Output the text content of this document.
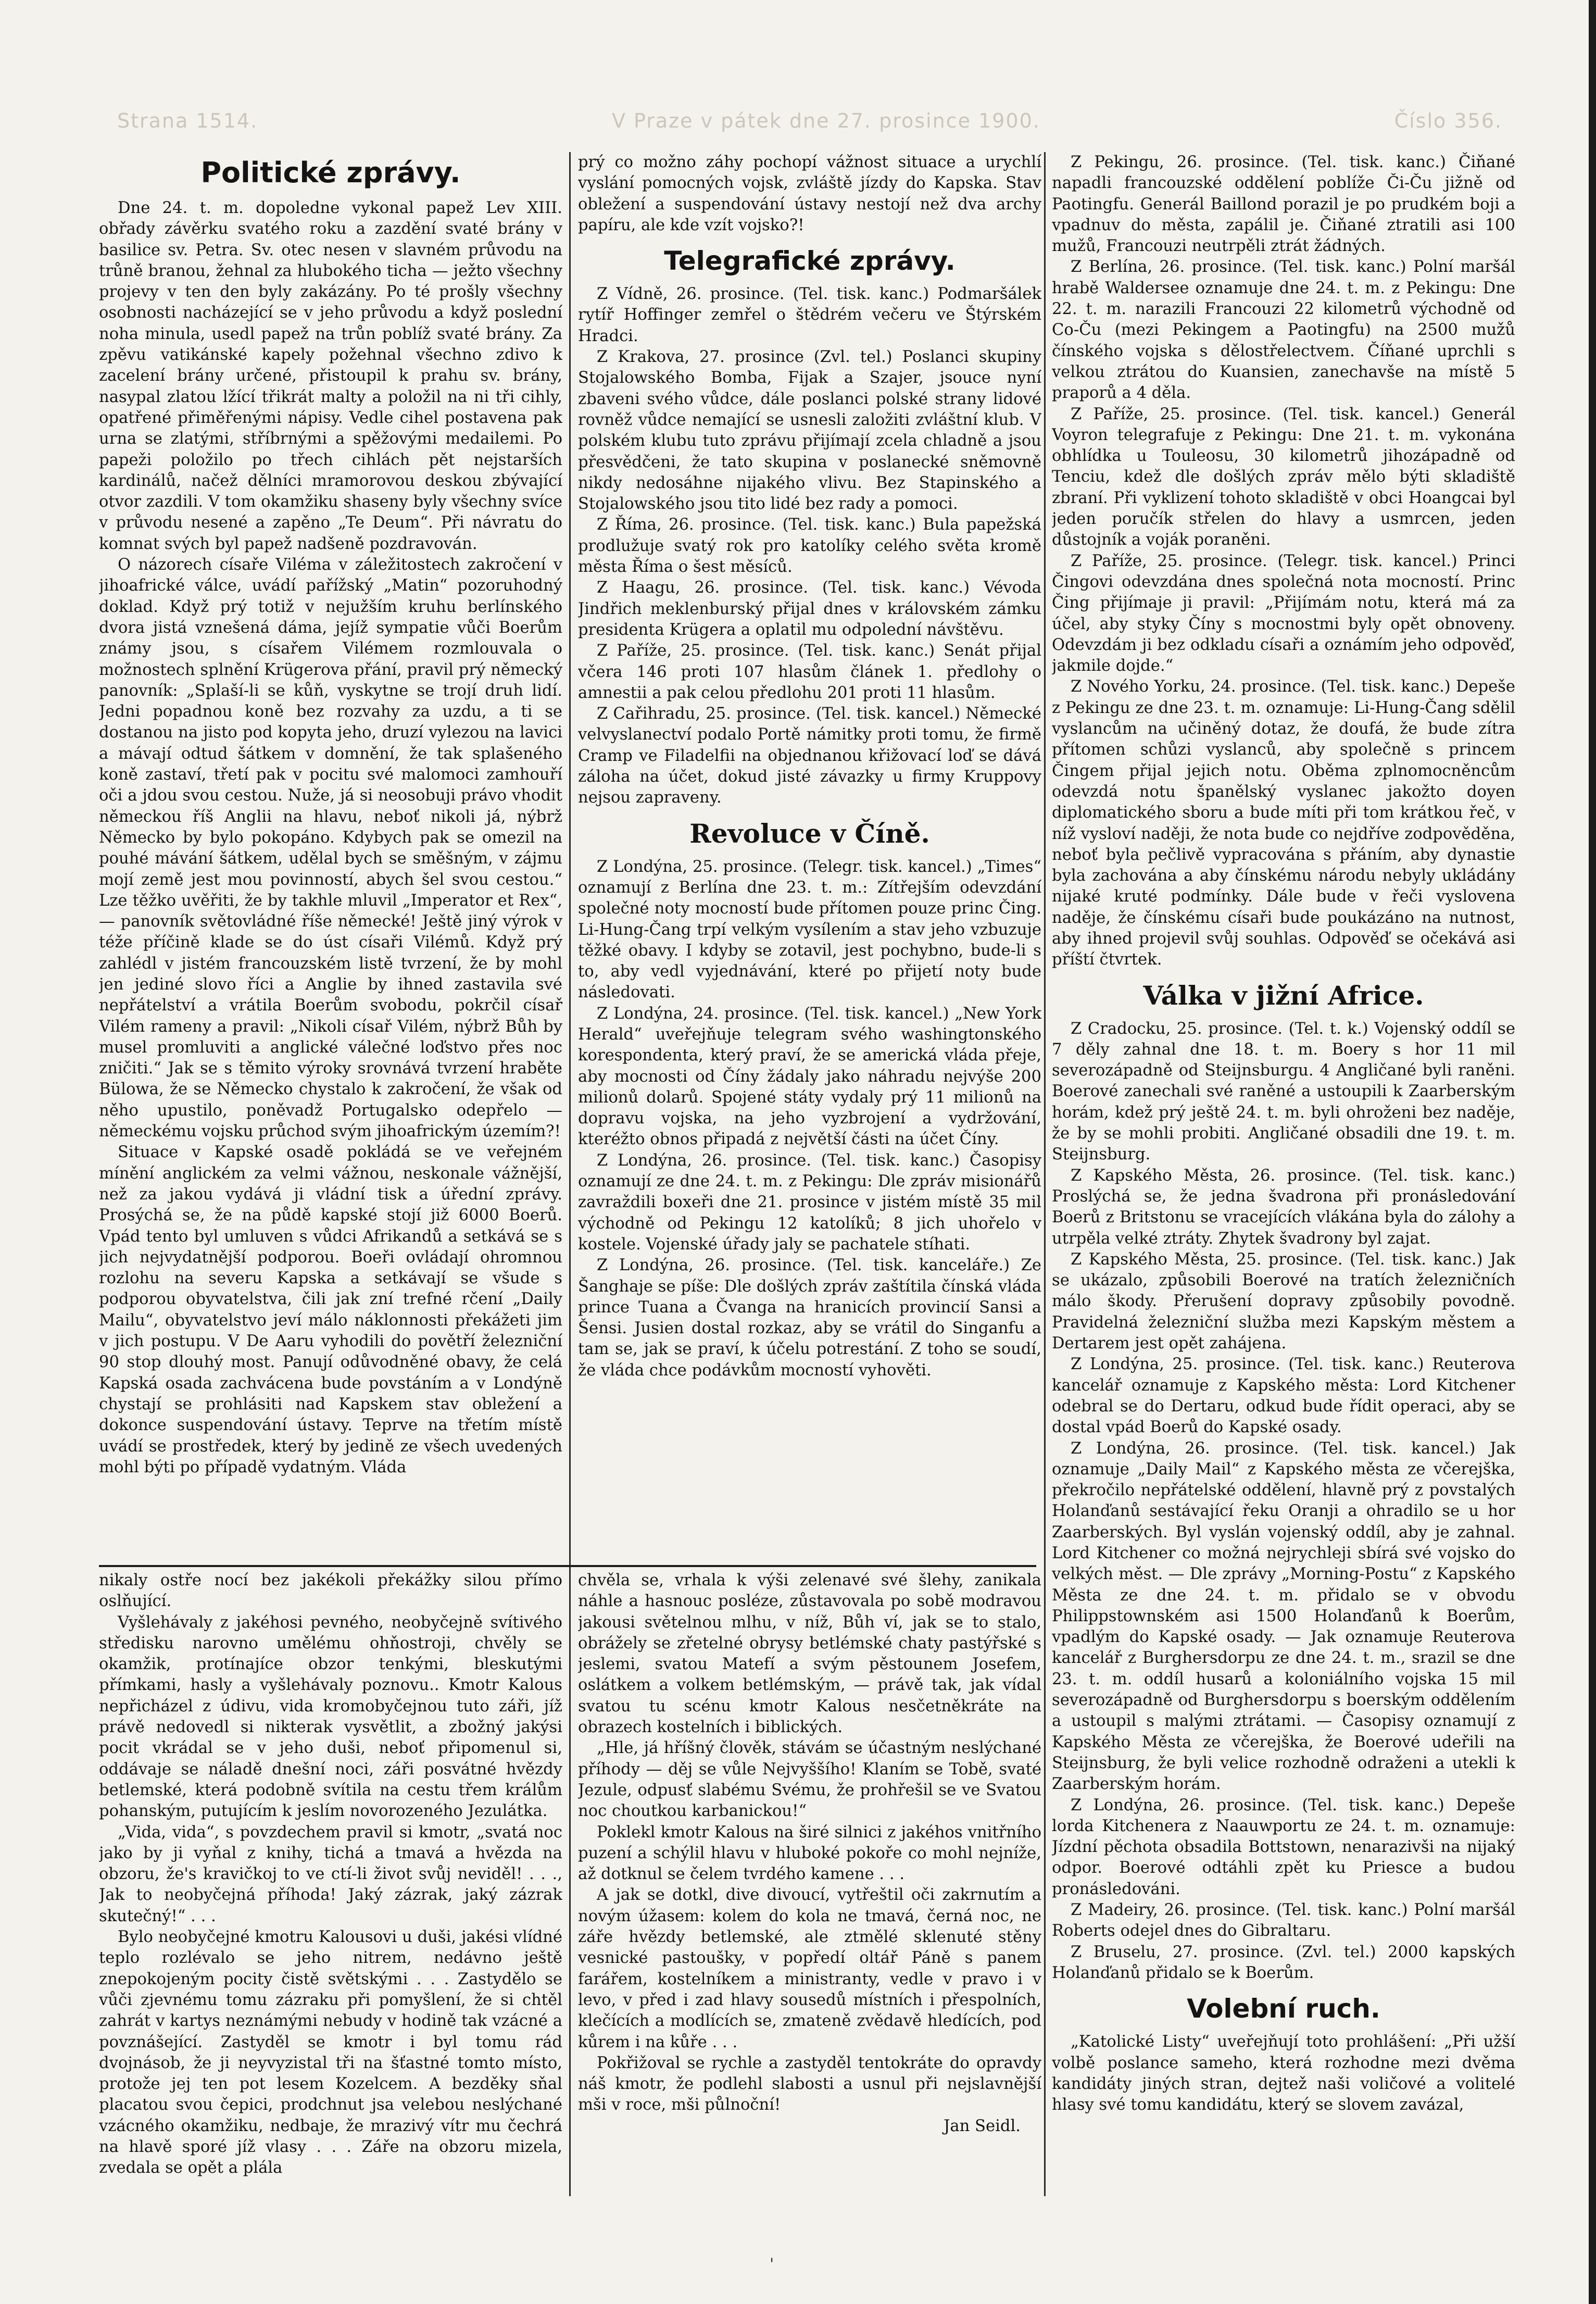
Strana 1514.	V Praze v pátek dne 27. prosince 1900.	Číslo 356.
Politické zprávy.

Dne 24. t. m. dopolednе vykonal papež Lev XIII. obřady závěrku svatého roku a zazdění svaté brány v basilice sv. Petra. Sv. otec nesen v slavném průvodu na trůně branou, žehnal za hlubokého ticha — ježto všechny projevy v ten den byly zakázány. Po té prošly všechny osobnosti nacházející se v jeho průvodu a když poslední noha minula, usedl papež na trůn poblíž svaté brány. Za zpěvu vatikánské kapely požehnal všechno zdivo k zacelení brány určené, přistoupil k prahu sv. brány, nasypal zlatou lžící třikrát malty a položil na ni tři cihly, opatřené přiměřenými nápisy. Vedle cihel postavena pak urna se zlatými, stříbrnými a spěžovými medailemi. Po papeži položilo po třech cihlách pět nejstarších kardinálů, načež dělníci mramorovou deskou zbývající otvor zazdili. V tom okamžiku shaseny byly všechny svíce v průvodu nesené a zapěno „Te Deum“. Při návratu do komnat svých byl papež nadšeně pozdravován.

O názorech císaře Viléma v záležitostech zakročení v jihoafrické válce, uvádí pařížský „Matin“ pozoruhodný doklad. Když prý totiž v nejužším kruhu berlínského dvora jistá vznešená dáma, jejíž sympatie vůči Boerům známy jsou, s císařem Vilémem rozmlouvala o možnostech splnění Krügerova přání, pravil prý německý panovník: „Splaší-li se kůň, vyskytne se trojí druh lidí. Jedni popadnou koně bez rozvahy za uzdu, a ti se dostanou na jisto pod kopyta jeho, druzí vylezou na lavici a mávají odtud šátkem v domnění, že tak splašeného koně zastaví, třetí pak v pocitu své malomoci zamhouří oči a jdou svou cestou. Nuže, já si neosobuji právo vhodit německou říš Anglii na hlavu, neboť nikoli já, nýbrž Německo by bylo pokopáno. Kdybych pak se omezil na pouhé mávání šátkem, udělal bych se směšným, v zájmu mojí země jest mou povinností, abych šel svou cestou.“ Lze těžko uvěřiti, že by takhle mluvil „Imperator et Rex“, — panovník světovládné říše německé! Ještě jiný výrok v téže příčině klade se do úst císaři Vilémů. Když prý zahlédl v jistém francouzském listě tvrzení, že by mohl jen jediné slovo říci a Anglie by ihned zastavila své nepřátelství a vrátila Boerům svobodu, pokrčil císař Vilém rameny a pravil: „Nikoli císař Vilém, nýbrž Bůh by musel promluviti a anglické válečné loďstvo přes noc zničiti.“ Jak se s těmito výroky srovnává tvrzení hraběte Bülowa, že se Německo chystalo k zakročení, že však od něho upustilo, poněvadž Portugalsko odepřelo — německému vojsku průchod svým jihoafrickým územím?!

Situace v Kapské osadě pokládá se ve veřejném mínění anglickém za velmi vážnou, neskonale vážnější, než za jakou vydává ji vládní tisk a úřední zprávy. Prosýchá se, že na půdě kapské stojí již 6000 Boerů. Vpád tento byl umluven s vůdci Afrikandů a setkává se s jich nejvydatnější podporou. Boeři ovládají ohromnou rozlohu na severu Kapska a setkávají se všude s podporou obyvatelstva, čili jak zní trefné rčení „Daily Mailu“, obyvatelstvo jeví málo náklonnosti překážeti jim v jich postupu. V De Aaru vyhodili do povětří železniční 90 stop dlouhý most. Panují odůvodněné obavy, že celá Kapská osada zachvácena bude povstáním a v Londýně chystají se prohlásiti nad Kapskem stav obležení a dokonce suspendování ústavy. Teprve na třetím místě uvádí se prostředek, který by jedině ze všech uvedených mohl býti po případě vydatným. Vláda

prý co možno záhy pochopí vážnost situace a urychlí vyslání pomocných vojsk, zvláště jízdy do Kapska. Stav obležení a suspendování ústavy nestojí než dva archy papíru, ale kde vzít vojsko?!

Telegrafické zprávy.

Z Vídně, 26. prosince. (Tel. tisk. kanc.) Podmaršálek rytíř Hoffinger zemřel o štědrém večeru ve Štýrském Hradci.

Z Krakova, 27. prosince (Zvl. tel.) Poslanci skupiny Stojalowského Bomba, Fijak a Szajer, jsouce nyní zbaveni svého vůdce, dále poslanci polské strany lidové rovněž vůdce nemající se usnesli založiti zvláštní klub. V polském klubu tuto zprávu přijímají zcela chladně a jsou přesvědčeni, že tato skupina v poslanecké sněmovně nikdy nedosáhne nijakého vlivu. Bez Stapinského a Stojalowského jsou tito lidé bez rady a pomoci.

Z Říma, 26. prosince. (Tel. tisk. kanc.) Bula papežská prodlužuje svatý rok pro katolíky celého světa kromě města Říma o šest měsíců.

Z Haagu, 26. prosince. (Tel. tisk. kanc.) Vévoda Jindřich meklenburský přijal dnes v královském zámku presidenta Krügera a oplatil mu odpolední návštěvu.

Z Paříže, 25. prosince. (Tel. tisk. kanc.) Senát přijal včera 146 proti 107 hlasům článek 1. předlohy o amnestii a pak celou předlohu 201 proti 11 hlasům.

Z Cařihradu, 25. prosince. (Tel. tisk. kancel.) Německé velvyslanectví podalo Portě námitky proti tomu, že firmě Cramp ve Filadelfii na objednanou křižovací loď se dává záloha na účet, dokud jisté závazky u firmy Kruppovy nejsou zapraveny.

Revoluce v Číně.

Z Londýna, 25. prosince. (Telegr. tisk. kancel.) „Times“ oznamují z Berlína dne 23. t. m.: Zítřejším odevzdání společné noty mocností bude přítomen pouze princ Čing. Li-Hung-Čang trpí velkým vysílením a stav jeho vzbuzuje těžké obavy. I kdyby se zotavil, jest pochybno, bude-li s to, aby vedl vyjednávání, které po přijetí noty bude následovati.

Z Londýna, 24. prosince. (Tel. tisk. kancel.) „New York Herald“ uveřejňuje telegram svého washingtonského korespondenta, který praví, že se americká vláda přeje, aby mocnosti od Číny žádaly jako náhradu nejvýše 200 milionů dolarů. Spojené státy vydaly prý 11 milionů na dopravu vojska, na jeho vyzbrojení a vydržování, kteréžto obnos připadá z největší části na účet Číny.

Z Londýna, 26. prosince. (Tel. tisk. kanc.) Časopisy oznamují ze dne 24. t. m. z Pekingu: Dle zpráv misionářů zavraždili boxeři dne 21. prosince v jistém místě 35 mil východně od Pekingu 12 katolíků; 8 jich uhořelo v kostele. Vojenské úřady jaly se pachatele stíhati.

Z Londýna, 26. prosince. (Tel. tisk. kanceláře.) Ze Šanghaje se píše: Dle došlých zpráv zaštítila čínská vláda prince Tuana a Čvanga na hranicích provincií Sansi a Šensi. Jusien dostal rozkaz, aby se vrátil do Singanfu a tam se, jak se praví, k účelu potrestání. Z toho se soudí, že vláda chce podávkům mocností vyhověti.

Z Pekingu, 26. prosince. (Tel. tisk. kanc.) Čiňané napadli francouzské oddělení poblíže Či-Ču jižně od Paotingfu. Generál Baillond porazil je po prudkém boji a vpadnuv do města, zapálil je. Čiňané ztratili asi 100 mužů, Francouzi neutrpěli ztrát žádných.

Z Berlína, 26. prosince. (Tel. tisk. kanc.) Polní maršál hrabě Waldersee oznamuje dne 24. t. m. z Pekingu: Dne 22. t. m. narazili Francouzi 22 kilometrů východně od Co-Ču (mezi Pekingem a Paotingfu) na 2500 mužů čínského vojska s dělostřelectvem. Číňané uprchli s velkou ztrátou do Kuansien, zanechavše na místě 5 praporů a 4 děla.

Z Paříže, 25. prosince. (Tel. tisk. kancel.) Generál Voyron telegrafuje z Pekingu: Dne 21. t. m. vykonána obhlídka u Touleosu, 30 kilometrů jihozápadně od Tenciu, kdež dle došlých zpráv mělo býti skladiště zbraní. Při vyklizení tohoto skladiště v obci Hoangcai byl jeden poručík střelen do hlavy a usmrcen, jeden důstojník a voják poraněni.

Z Paříže, 25. prosince. (Telegr. tisk. kancel.) Princi Čingovi odevzdána dnes společná nota mocností. Princ Čing přijímaje ji pravil: „Přijímám notu, která má za účel, aby styky Číny s mocnostmi byly opět obnoveny. Odevzdám ji bez odkladu císaři a oznámím jeho odpověď, jakmile dojde.“

Z Nového Yorku, 24. prosince. (Tel. tisk. kanc.) Depeše z Pekingu ze dne 23. t. m. oznamuje: Li-Hung-Čang sdělil vyslancům na učiněný dotaz, že doufá, že bude zítra přítomen schůzi vyslanců, aby společně s princem Čingem přijal jejich notu. Oběma zplnomocněncům odevzdá notu španělský vyslanec jakožto doyen diplomatického sboru a bude míti při tom krátkou řeč, v níž vysloví naději, že nota bude co nejdříve zodpověděna, neboť byla pečlivě vypracována s přáním, aby dynastie byla zachována a aby čínskému národu nebyly ukládány nijaké kruté podmínky. Dále bude v řeči vyslovena naděje, že čínskému císaři bude poukázáno na nutnost, aby ihned projevil svůj souhlas. Odpověď se očekává asi příští čtvrtek.

Válka v jižní Africe.

Z Cradocku, 25. prosince. (Tel. t. k.) Vojenský oddíl se 7 děly zahnal dne 18. t. m. Boery s hor 11 mil severozápadně od Steijnsburgu. 4 Angličané byli raněni. Boerové zanechali své raněné a ustoupili k Zaarberským horám, kdež prý ještě 24. t. m. byli ohroženi bez naděje, že by se mohli probiti. Angličané obsadili dne 19. t. m. Steijnsburg.

Z Kapského Města, 26. prosince. (Tel. tisk. kanc.) Proslýchá se, že jedna švadrona při pronásledování Boerů z Britstonu se vracejících vlákána byla do zálohy a utrpěla velké ztráty. Zhytek švadrony byl zajat.

Z Kapského Města, 25. prosince. (Tel. tisk. kanc.) Jak se ukázalo, způsobili Boerové na tratích železničních málo škody. Přerušení dopravy způsobily povodně. Pravidelná železniční služba mezi Kapským městem a Dertarem jest opět zahájena.

Z Londýna, 25. prosince. (Tel. tisk. kanc.) Reuterova kancelář oznamuje z Kapského města: Lord Kitchener odebral se do Dertaru, odkud bude řídit operaci, aby se dostal vpád Boerů do Kapské osady.

Z Londýna, 26. prosince. (Tel. tisk. kancel.) Jak oznamuje „Daily Mail“ z Kapského města ze včerejška, překročilo nepřátelské oddělení, hlavně prý z povstalých Holanďanů sestávající řeku Oranji a ohradilo se u hor Zaarberských. Byl vyslán vojenský oddíl, aby je zahnal. Lord Kitchener co možná nejrychleji sbírá své vojsko do velkých měst. — Dle zprávy „Morning-Postu“ z Kapského Města ze dne 24. t. m. přidalo se v obvodu Philippstownském asi 1500 Holanďanů k Boerům, vpadlým do Kapské osady. — Jak oznamuje Reuterova kancelář z Burghersdorpu ze dne 24. t. m., srazil se dne 23. t. m. oddíl husarů a koloniálního vojska 15 mil severozápadně od Burghersdorpu s boerským oddělením a ustoupil s malými ztrátami. — Časopisy oznamují z Kapského Města ze včerejška, že Boerové udeřili na Steijnsburg, že byli velice rozhodně odraženi a utekli k Zaarberským horám.

Z Londýna, 26. prosince. (Tel. tisk. kanc.) Depeše lorda Kitchenera z Naauwportu ze 24. t. m. oznamuje: Jízdní pěchota obsadila Bottstown, nenarazivši na nijaký odpor. Boerové odtáhli zpět ku Priesce a budou pronásledováni.

Z Madeiry, 26. prosince. (Tel. tisk. kanc.) Polní maršál Roberts odejel dnes do Gibraltaru.

Z Bruselu, 27. prosince. (Zvl. tel.) 2000 kapských Holanďanů přidalo se k Boerům.

Volební ruch.

„Katolické Listy“ uveřejňují toto prohlášení: „Při užší volbě poslance sameho, která rozhodne mezi dvěma kandidáty jiných stran, dejtež naši voličové a volitelé hlasy své tomu kandidátu, který se slovem zavázal,

nikaly ostře nocí bez jakékoli překážky silou přímo oslňující.

Vyšlehávaly z jakéhosi pevného, neobyčejně svítivého středisku narovno umělému ohňostroji, chvěly se okamžik, protínajíce obzor tenkými, bleskutými přímkami, hasly a vyšlehávaly poznovu.. Kmotr Kalous nepřicházel z údivu, vida kromobyčejnou tuto záři, jíž právě nedovedl si nikterak vysvětlit, a zbožný jakýsi pocit vkrádal se v jeho duši, neboť připomenul si, oddávaje se náladě dnešní noci, záři posvátné hvězdy betlemské, která podobně svítila na cestu třem králům pohanským, putujícím k jeslím novorozeného Jezulátka.

„Vida, vida“, s povzdechem pravil si kmotr, „svatá noc jako by ji vyňal z knihy, tichá a tmavá a hvězda na obzoru, že's kravičkoj to ve ctí-li život svůj neviděl! . . ., Jak to neobyčejná příhoda! Jaký zázrak, jaký zázrak skutečný!“ . . .

Bylo neobyčejné kmotru Kalousovi u duši, jakési vlídné teplo rozlévalo se jeho nitrem, nedávno ještě znepokojeným pocity čistě světskými . . . Zastydělo se vůči zjevnému tomu zázraku při pomyšlení, že si chtěl zahrát v kartys neznámými nebudy v hodině tak vzácné a povznášející. Zastyděl se kmotr i byl tomu rád dvojnásob, že ji neyvyzistal tři na šťastné tomto místo, protože jej ten pot lesem Kozelcem. A bezděky sňal placatou svou čepici, prodchnut jsa velebou neslýchané vzácného okamžiku, nedbaje, že mrazivý vítr mu čechrá na hlavě sporé jíž vlasy . . . Záře na obzoru mizela, zvedala se opět a plála

chvěla se, vrhala k výši zelenavé své šlehy, zanikala náhle a hasnouc posléze, zůstavovala po sobě modravou jakousi světelnou mlhu, v níž, Bůh ví, jak se to stalo, obrážely se zřetelné obrysy betlémské chaty pastýřské s jeslemi, svatou Matefí a svým pěstounem Josefem, oslátkem a volkem betlémským, — právě tak, jak vídal svatou tu scénu kmotr Kalous nesčetněkráte na obrazech kostelních i biblických.

„Hle, já hříšný člověk, stávám se účastným neslýchané příhody — děj se vůle Nejvyššího! Klaním se Tobě, svaté Jezule, odpusť slabému Svému, že prohřešil se ve Svatou noc choutkou karbanickou!“

Poklekl kmotr Kalous na širé silnici z jakéhos vnitřního puzení a schýlil hlavu v hluboké pokoře co mohl nejníže, až dotknul se čelem tvrdého kamene . . .

A jak se dotkl, dive divoucí, vytřeštil oči zakrnutím a novým úžasem: kolem do kola ne tmavá, černá noc, ne záře hvězdy betlemské, ale ztmělé sklenuté stěny vesnické pastoušky, v popředí oltář Páně s panem farářem, kostelníkem a ministranty, vedle v pravo i v levo, v před i zad hlavy sousedů místních i přespolních, klečících a modlících se, zmateně zvědavě hledících, pod kůrem i na kůře . . .

Pokřižoval se rychle a zastyděl tentokráte do opravdy náš kmotr, že podlehl slabosti a usnul při nejslavnější mši v roce, mši půlnoční!

Jan Seidl.

'
